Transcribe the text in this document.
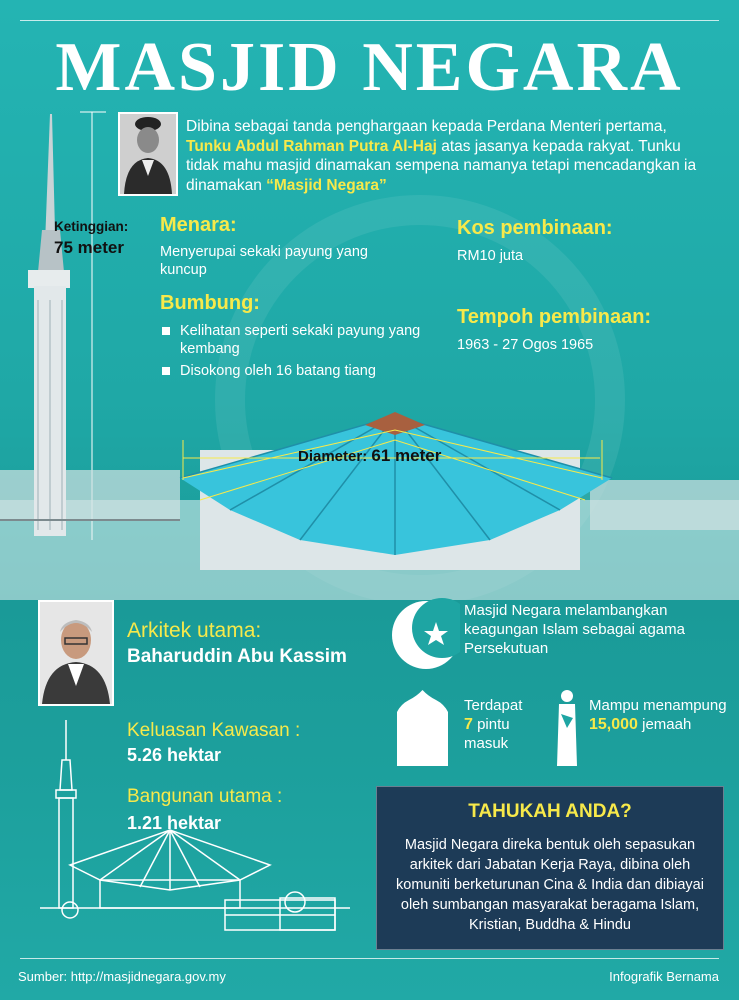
MASJID NEGARA
Dibina sebagai tanda penghargaan kepada Perdana Menteri pertama, Tunku Abdul Rahman Putra Al-Haj atas jasanya kepada rakyat. Tunku tidak mahu masjid dinamakan sempena namanya tetapi mencadangkan ia dinamakan “Masjid Negara”
Ketinggian:
75 meter
Menara:
Menyerupai sekaki payung yang kuncup
Bumbung:
Kelihatan seperti sekaki payung yang kembang
Disokong oleh 16 batang tiang
Kos pembinaan:
RM10 juta
Tempoh pembinaan:
1963 - 27 Ogos 1965
Diameter: 61 meter
Arkitek utama:
Baharuddin Abu Kassim
Keluasan Kawasan :
5.26 hektar
Bangunan utama :
1.21 hektar
Masjid Negara melambangkan keagungan Islam sebagai agama Persekutuan
Terdapat
7 pintu
masuk
Mampu menampung
15,000 jemaah
TAHUKAH ANDA?
Masjid Negara direka bentuk oleh sepasukan arkitek dari Jabatan Kerja Raya, dibina oleh komuniti berketurunan Cina & India dan dibiayai oleh sumbangan masyarakat beragama Islam, Kristian, Buddha & Hindu
Sumber: http://masjidnegara.gov.my	Infografik Bernama
